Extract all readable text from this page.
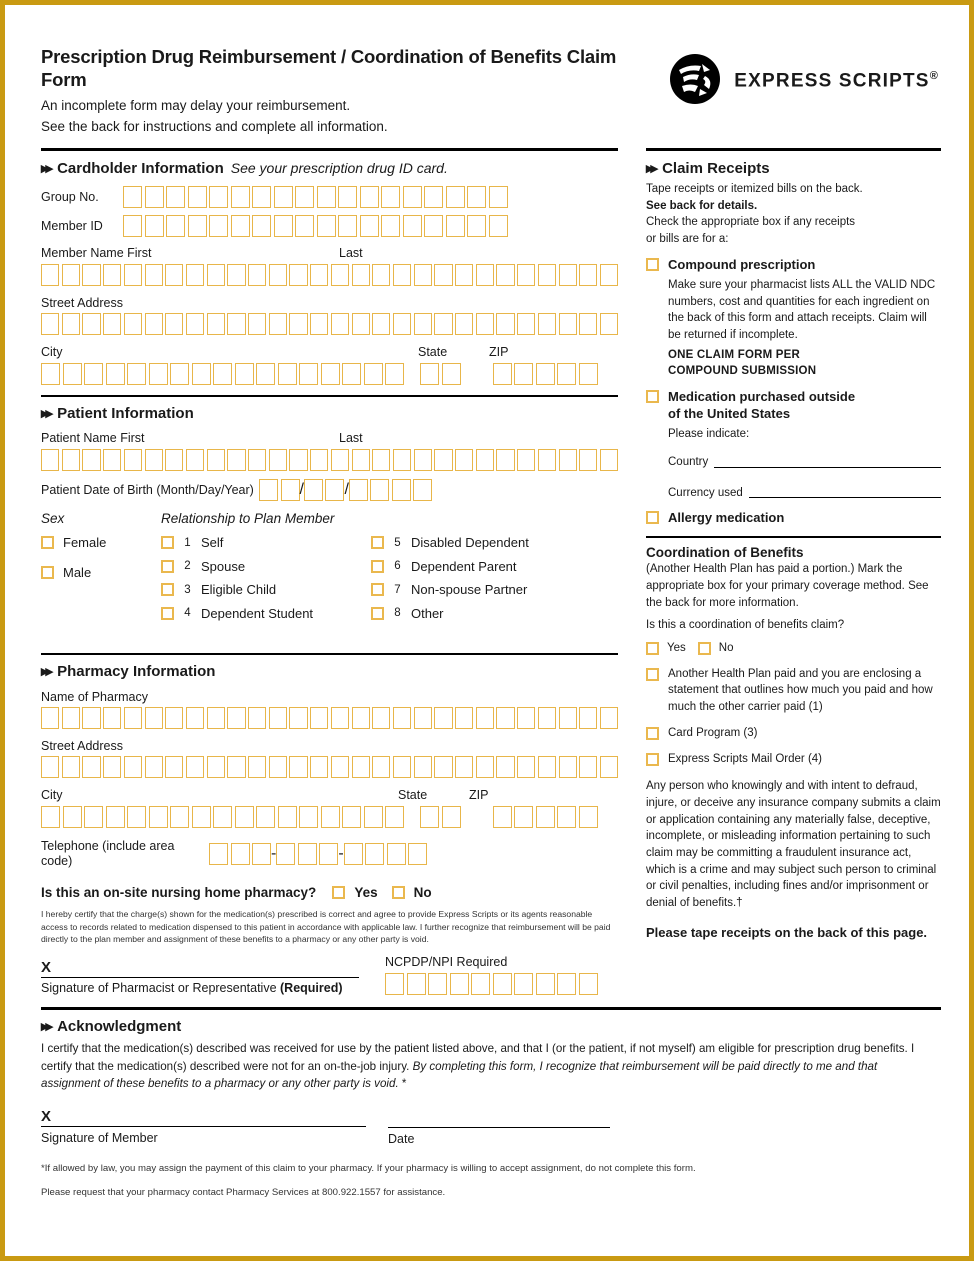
Prescription Drug Reimbursement / Coordination of Benefits Claim Form
An incomplete form may delay your reimbursement.
See the back for instructions and complete all information.
EXPRESS SCRIPTS®
▸▸ Cardholder Information See your prescription drug ID card.
Group No.
Member ID
Member Name First	Last
Street Address
City	State	ZIP
▸▸ Patient Information
Patient Name First	Last
Patient Date of Birth (Month/Day/Year)	/	/
Sex	Relationship to Plan Member
Female
Male
1 Self
2 Spouse
3 Eligible Child
4 Dependent Student
5 Disabled Dependent
6 Dependent Parent
7 Non-spouse Partner
8 Other
▸▸ Pharmacy Information
Name of Pharmacy
Street Address
City	State	ZIP
Telephone (include area code)	-	-
Is this an on-site nursing home pharmacy?	Yes	No
I hereby certify that the charge(s) shown for the medication(s) prescribed is correct and agree to provide Express Scripts or its agents reasonable access to records related to medication dispensed to this patient in accordance with applicable law. I further recognize that reimbursement will be paid directly to the plan member and assignment of these benefits to a pharmacy or any other party is void.
X
Signature of Pharmacist or Representative (Required)
NCPDP/NPI Required
▸▸ Claim Receipts
Tape receipts or itemized bills on the back.
See back for details.
Check the appropriate box if any receipts
or bills are for a:
Compound prescription
Make sure your pharmacist lists ALL the VALID NDC numbers, cost and quantities for each ingredient on the back of this form and attach receipts. Claim will be returned if incomplete.
ONE CLAIM FORM PER
COMPOUND SUBMISSION
Medication purchased outside
of the United States
Please indicate:
Country
Currency used
Allergy medication
Coordination of Benefits
(Another Health Plan has paid a portion.) Mark the appropriate box for your primary coverage method. See the back for more information.
Is this a coordination of benefits claim?
Yes	No
Another Health Plan paid and you are enclosing a statement that outlines how much you paid and how much the other carrier paid (1)
Card Program (3)
Express Scripts Mail Order (4)
Any person who knowingly and with intent to defraud, injure, or deceive any insurance company submits a claim or application containing any materially false, deceptive, incomplete, or misleading information pertaining to such claim may be committing a fraudulent insurance act, which is a crime and may subject such person to criminal or civil penalties, including fines and/or imprisonment or denial of benefits.†
Please tape receipts on the back of this page.
▸▸ Acknowledgment
I certify that the medication(s) described was received for use by the patient listed above, and that I (or the patient, if not myself) am eligible for prescription drug benefits. I certify that the medication(s) described were not for an on-the-job injury. By completing this form, I recognize that reimbursement will be paid directly to me and that assignment of these benefits to a pharmacy or any other party is void. *
X
Signature of Member	Date
*If allowed by law, you may assign the payment of this claim to your pharmacy. If your pharmacy is willing to accept assignment, do not complete this form.
Please request that your pharmacy contact Pharmacy Services at 800.922.1557 for assistance.
